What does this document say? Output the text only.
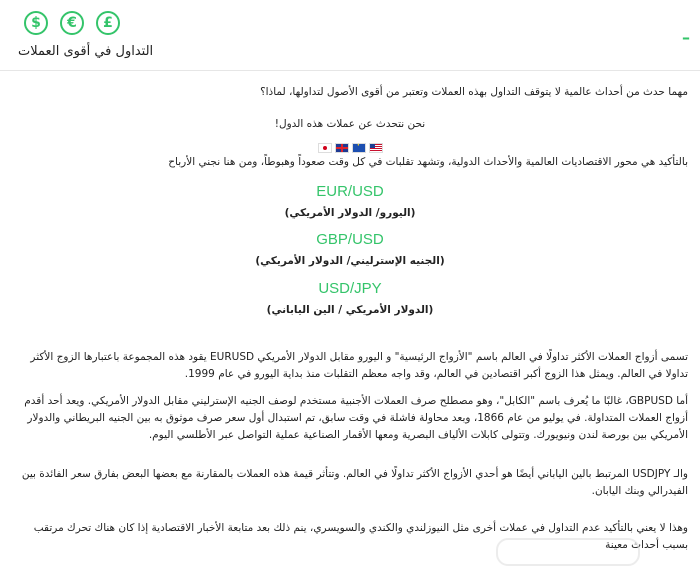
$	€	£
التداول في أقوى العملات
–
مهما حدث من أحداث عالمية لا يتوقف التداول بهذه العملات وتعتبر من أقوى الأصول لتداولها، لماذا؟
نحن نتحدث عن عملات هذه الدول!
·
بالتأكيد هي محور الاقتصاديات العالمية والأحداث الدولية، وتشهد تقلبات في كل وقت صعوداً وهبوطاً، ومن هنا نجني الأرباح
EUR/USD
(اليورو/ الدولار الأمريكي)
GBP/USD
(الجنيه الإسترليني/ الدولار الأمريكي)
USD/JPY
(الدولار الأمريكي / الين الياباني)
تسمى أزواج العملات الأكثر تداولًا في العالم باسم "الأزواج الرئيسية" و اليورو مقابل الدولار الأمريكي EURUSD يقود هذه المجموعة باعتبارها الزوج الأكثر تداولا في العالم. ويمثل هذا الزوج أكبر اقتصادين في العالم، وقد واجه معظم التقلبات منذ بداية اليورو في عام 1999.
أما GBPUSD، غالبًا ما يُعرف باسم "الكابل"، وهو مصطلح صرف العملات الأجنبية مستخدم لوصف الجنيه الإسترليني مقابل الدولار الأمريكي. ويعد أحد أقدم أزواج العملات المتداولة. في يوليو من عام 1866، وبعد محاولة فاشلة في وقت سابق، تم استبدال أول سعر صرف موثوق به بين الجنيه البريطاني والدولار الأمريكي بين بورصة لندن ونيويورك. وتتولى كابلات الألياف البصرية ومعها الأقمار الصناعية عملية التواصل عبر الأطلسي اليوم.
والـ USDJPY المرتبط بالين الياباني أيضًا هو أحدي الأزواج الأكثر تداولًا في العالم. وتتأثر قيمة هذه العملات بالمقارنة مع بعضها البعض بفارق سعر الفائدة بين الفيدرالي وبنك اليابان.
وهذا لا يعني بالتأكيد عدم التداول في عملات أخرى مثل النيوزلندي والكندي والسويسري، ينم ذلك بعد متابعة الأخبار الاقتصادية إذا كان هناك تحرك مرتقب بسبب أحداث معينة
